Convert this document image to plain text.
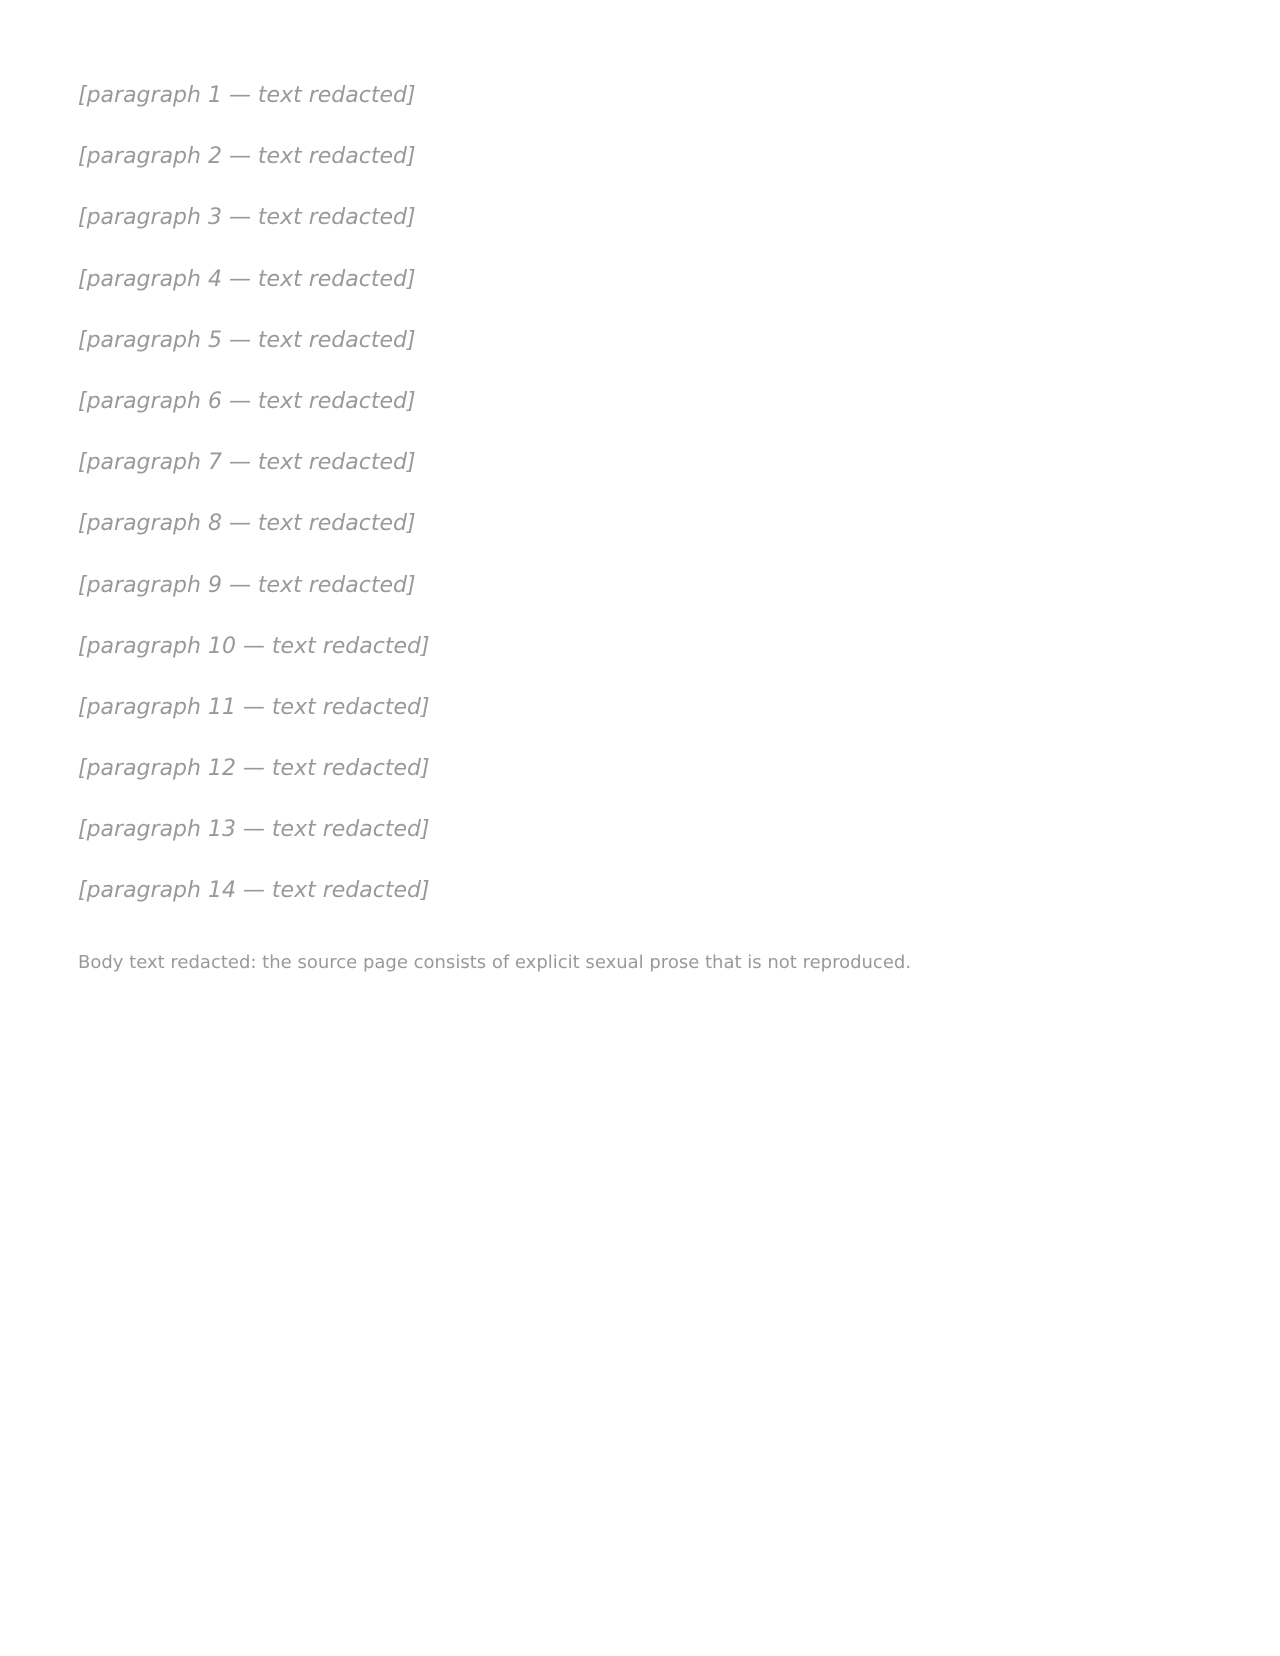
[paragraph 1 — text redacted]

[paragraph 2 — text redacted]

[paragraph 3 — text redacted]

[paragraph 4 — text redacted]

[paragraph 5 — text redacted]

[paragraph 6 — text redacted]

[paragraph 7 — text redacted]

[paragraph 8 — text redacted]

[paragraph 9 — text redacted]

[paragraph 10 — text redacted]

[paragraph 11 — text redacted]

[paragraph 12 — text redacted]

[paragraph 13 — text redacted]

[paragraph 14 — text redacted]

Body text redacted: the source page consists of explicit sexual prose that is not reproduced.
